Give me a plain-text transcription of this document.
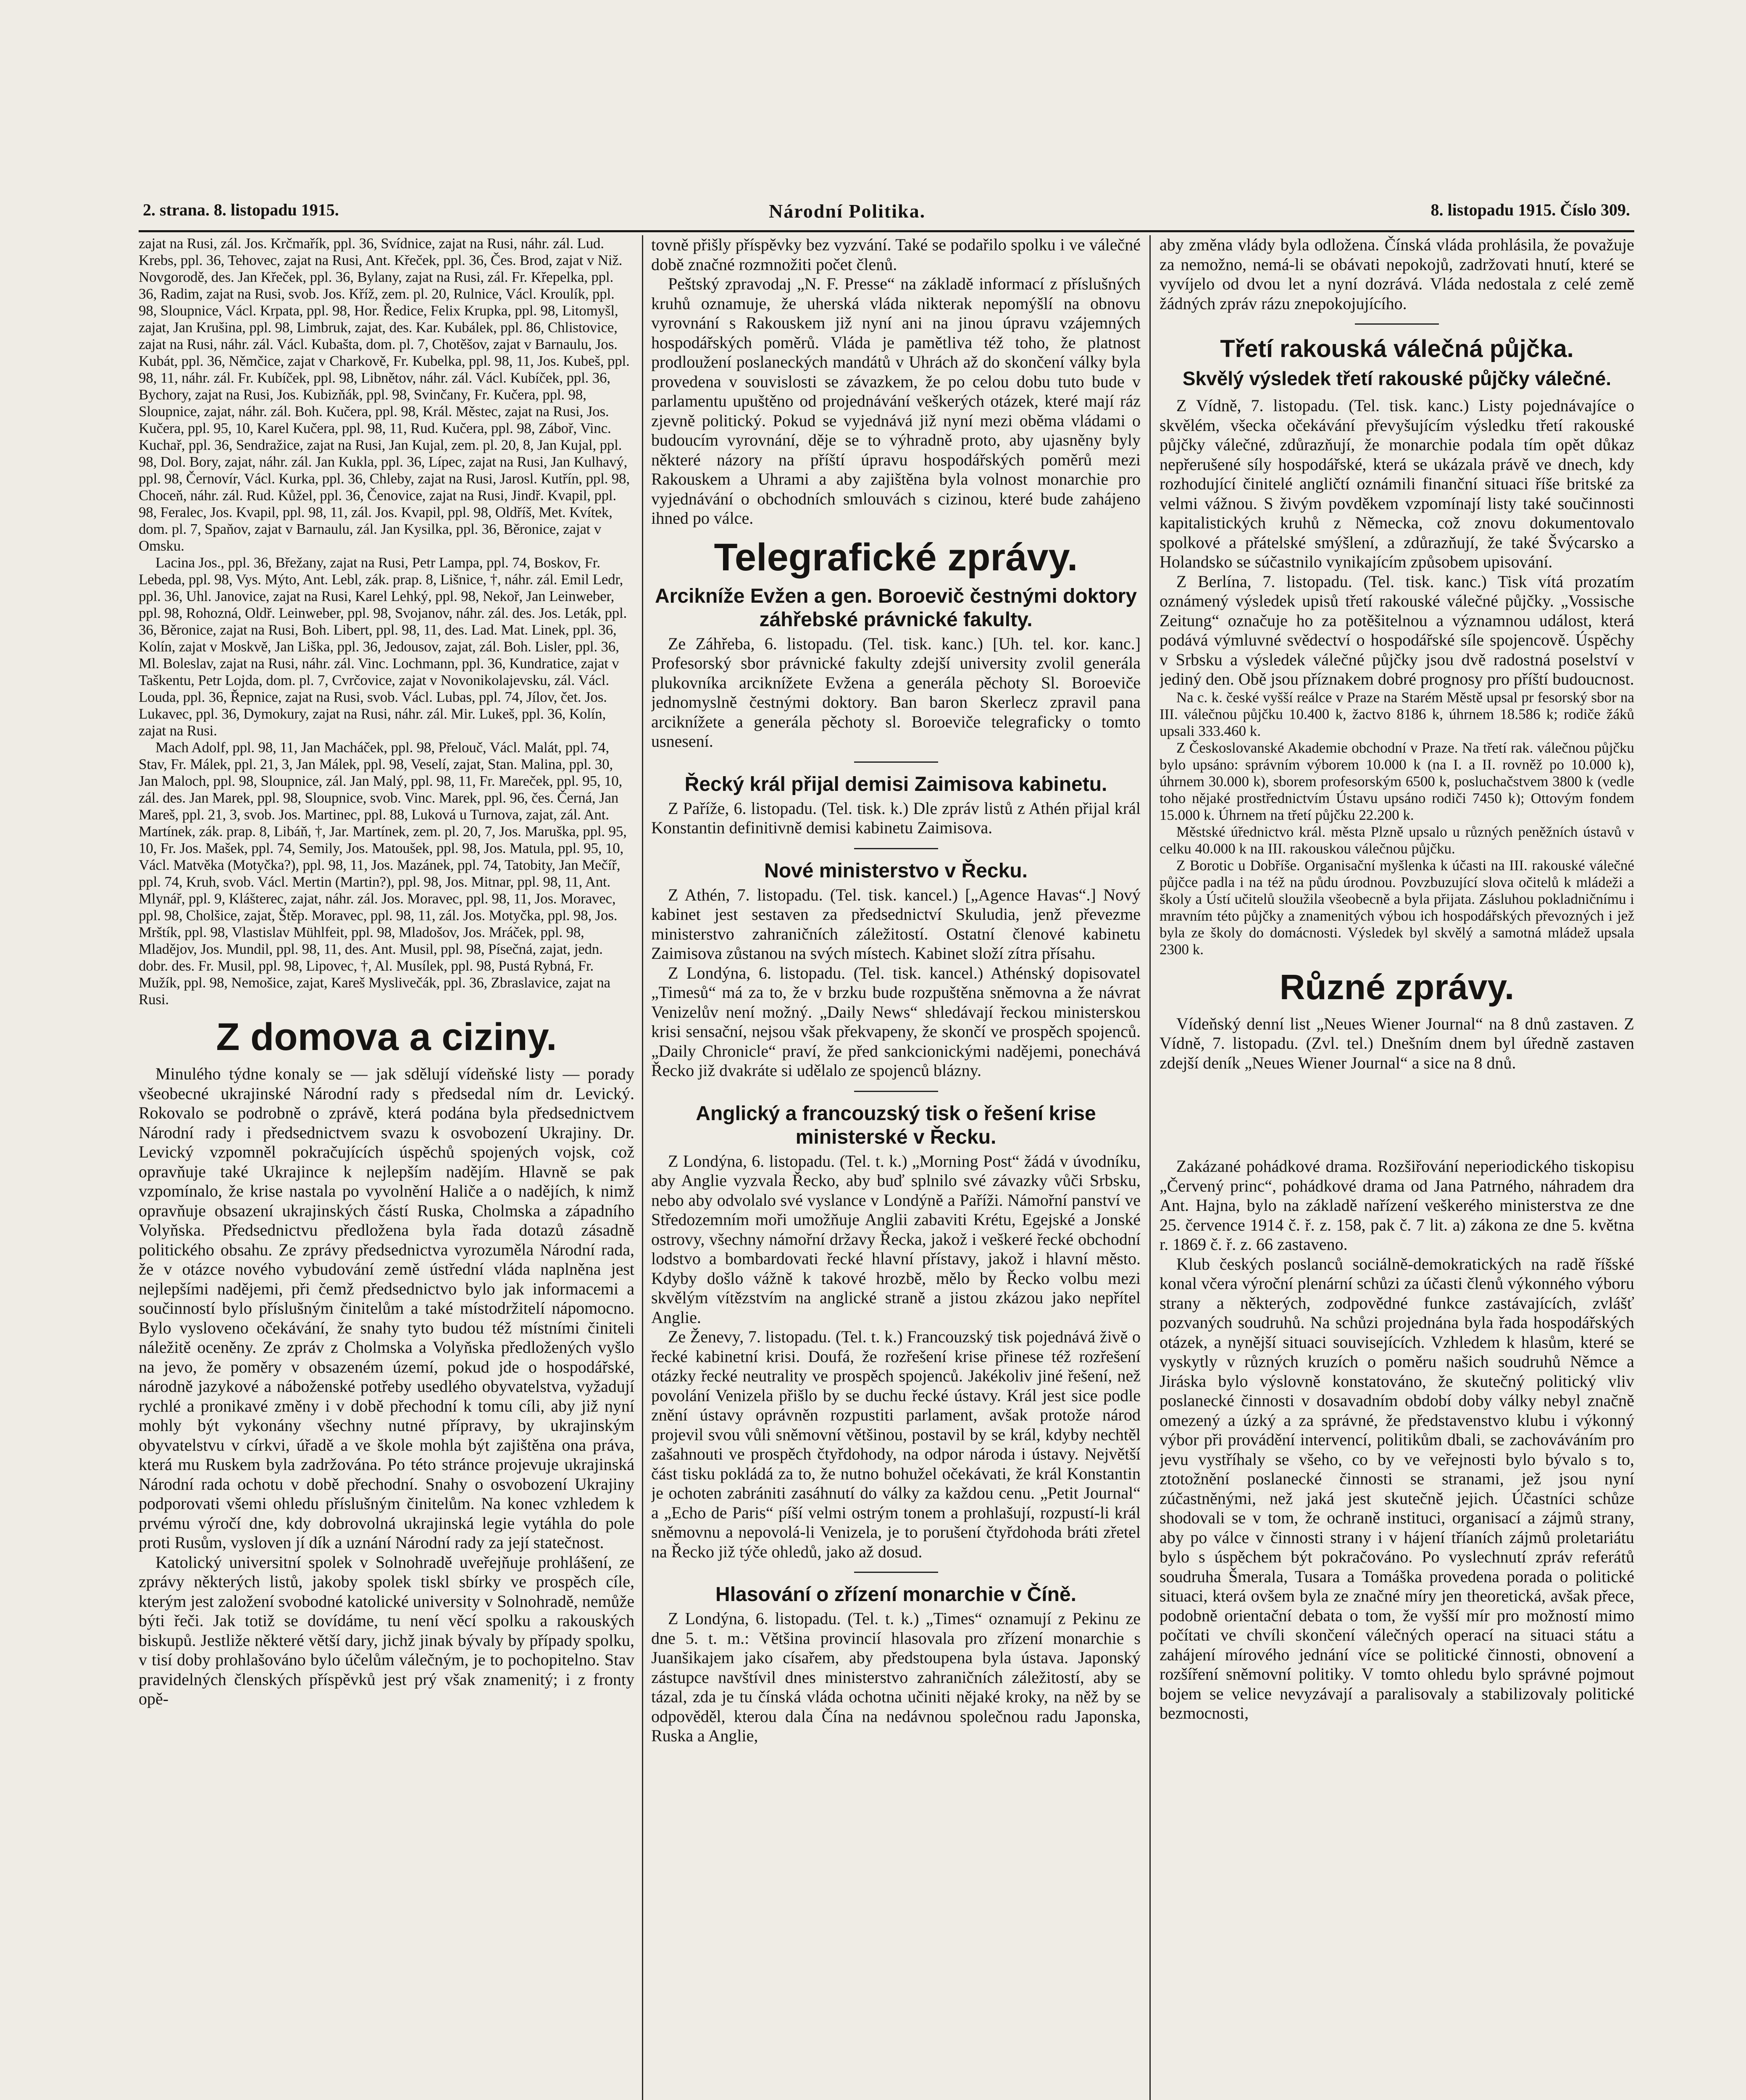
2. strana. 8. listopadu 1915.	Národní Politika.	8. listopadu 1915. Číslo 309.

zajat na Rusi, zál. Jos. Krčmařík, ppl. 36, Svídnice, zajat na Rusi, náhr. zál. Lud. Krebs, ppl. 36, Tehovec, zajat na Rusi, Ant. Křeček, ppl. 36, Čes. Brod, zajat v Niž. Novgorodě, des. Jan Křeček, ppl. 36, Bylany, zajat na Rusi, zál. Fr. Křepelka, ppl. 36, Radim, zajat na Rusi, svob. Jos. Kříž, zem. pl. 20, Rulnice, Václ. Kroulík, ppl. 98, Sloupnice, Václ. Krpata, ppl. 98, Hor. Ředice, Felix Krupka, ppl. 98, Litomyšl, zajat, Jan Krušina, ppl. 98, Limbruk, zajat, des. Kar. Kubálek, ppl. 86, Chlistovice, zajat na Rusi, náhr. zál. Václ. Kubašta, dom. pl. 7, Chotěšov, zajat v Barnaulu, Jos. Kubát, ppl. 36, Němčice, zajat v Charkově, Fr. Kubelka, ppl. 98, 11, Jos. Kubeš, ppl. 98, 11, náhr. zál. Fr. Kubíček, ppl. 98, Libnětov, náhr. zál. Václ. Kubíček, ppl. 36, Bychory, zajat na Rusi, Jos. Kubizňák, ppl. 98, Svinčany, Fr. Kučera, ppl. 98, Sloupnice, zajat, náhr. zál. Boh. Kučera, ppl. 98, Král. Městec, zajat na Rusi, Jos. Kučera, ppl. 95, 10, Karel Kučera, ppl. 98, 11, Rud. Kučera, ppl. 98, Záboř, Vinc. Kuchař, ppl. 36, Sendražice, zajat na Rusi, Jan Kujal, zem. pl. 20, 8, Jan Kujal, ppl. 98, Dol. Bory, zajat, náhr. zál. Jan Kukla, ppl. 36, Lípec, zajat na Rusi, Jan Kulhavý, ppl. 98, Černovír, Václ. Kurka, ppl. 36, Chleby, zajat na Rusi, Jarosl. Kutřín, ppl. 98, Choceň, náhr. zál. Rud. Kůžel, ppl. 36, Čenovice, zajat na Rusi, Jindř. Kvapil, ppl. 98, Feralec, Jos. Kvapil, ppl. 98, 11, zál. Jos. Kvapil, ppl. 98, Oldříš, Met. Kvítek, dom. pl. 7, Spaňov, zajat v Barnaulu, zál. Jan Kysilka, ppl. 36, Běronice, zajat v Omsku.

Lacina Jos., ppl. 36, Břežany, zajat na Rusi, Petr Lampa, ppl. 74, Boskov, Fr. Lebeda, ppl. 98, Vys. Mýto, Ant. Lebl, zák. prap. 8, Lišnice, †, náhr. zál. Emil Ledr, ppl. 36, Uhl. Janovice, zajat na Rusi, Karel Lehký, ppl. 98, Nekoř, Jan Leinweber, ppl. 98, Rohozná, Oldř. Leinweber, ppl. 98, Svojanov, náhr. zál. des. Jos. Leták, ppl. 36, Běronice, zajat na Rusi, Boh. Libert, ppl. 98, 11, des. Lad. Mat. Linek, ppl. 36, Kolín, zajat v Moskvě, Jan Liška, ppl. 36, Jedousov, zajat, zál. Boh. Lisler, ppl. 36, Ml. Boleslav, zajat na Rusi, náhr. zál. Vinc. Lochmann, ppl. 36, Kundratice, zajat v Taškentu, Petr Lojda, dom. pl. 7, Cvrčovice, zajat v Novonikolajevsku, zál. Václ. Louda, ppl. 36, Řepnice, zajat na Rusi, svob. Václ. Lubas, ppl. 74, Jílov, čet. Jos. Lukavec, ppl. 36, Dymokury, zajat na Rusi, náhr. zál. Mir. Lukeš, ppl. 36, Kolín, zajat na Rusi.

Mach Adolf, ppl. 98, 11, Jan Macháček, ppl. 98, Přelouč, Václ. Malát, ppl. 74, Stav, Fr. Málek, ppl. 21, 3, Jan Málek, ppl. 98, Veselí, zajat, Stan. Malina, ppl. 30, Jan Maloch, ppl. 98, Sloupnice, zál. Jan Malý, ppl. 98, 11, Fr. Mareček, ppl. 95, 10, zál. des. Jan Marek, ppl. 98, Sloupnice, svob. Vinc. Marek, ppl. 96, čes. Černá, Jan Mareš, ppl. 21, 3, svob. Jos. Martinec, ppl. 88, Luková u Turnova, zajat, zál. Ant. Martínek, zák. prap. 8, Libáň, †, Jar. Martínek, zem. pl. 20, 7, Jos. Maruška, ppl. 95, 10, Fr. Jos. Mašek, ppl. 74, Semily, Jos. Matoušek, ppl. 98, Jos. Matula, ppl. 95, 10, Václ. Matvěka (Motyčka?), ppl. 98, 11, Jos. Mazánek, ppl. 74, Tatobity, Jan Mečíř, ppl. 74, Kruh, svob. Václ. Mertin (Martin?), ppl. 98, Jos. Mitnar, ppl. 98, 11, Ant. Mlynář, ppl. 9, Klášterec, zajat, náhr. zál. Jos. Moravec, ppl. 98, 11, Jos. Moravec, ppl. 98, Cholšice, zajat, Štěp. Moravec, ppl. 98, 11, zál. Jos. Motyčka, ppl. 98, Jos. Mrštík, ppl. 98, Vlastislav Mühlfeit, ppl. 98, Mladošov, Jos. Mráček, ppl. 98, Mladějov, Jos. Mundil, ppl. 98, 11, des. Ant. Musil, ppl. 98, Písečná, zajat, jedn. dobr. des. Fr. Musil, ppl. 98, Lipovec, †, Al. Musílek, ppl. 98, Pustá Rybná, Fr. Mužík, ppl. 98, Nemošice, zajat, Kareš Myslivečák, ppl. 36, Zbraslavice, zajat na Rusi.

Z domova a ciziny.

Minulého týdne konaly se — jak sdělují vídeňské listy — porady všeobecné ukrajinské Národní rady s předsedal ním dr. Levický. Rokovalo se podrobně o zprávě, která podána byla předsednictvem Národní rady i předsednictvem svazu k osvobození Ukrajiny. Dr. Levický vzpomněl pokračujících úspěchů spojených vojsk, což opravňuje také Ukrajince k nejlepším nadějím. Hlavně se pak vzpomínalo, že krise nastala po vyvolnění Haliče a o nadějích, k nimž opravňuje obsazení ukrajinských částí Ruska, Cholmska a západního Volyňska. Předsednictvu předložena byla řada dotazů zásadně politického obsahu. Ze zprávy předsednictva vyrozuměla Národní rada, že v otázce nového vybudování země ústřední vláda naplněna jest nejlepšími nadějemi, při čemž předsednictvo bylo jak informacemi a součinností bylo příslušným činitelům a také místodržitelí nápomocno. Bylo vysloveno očekávání, že snahy tyto budou též místními činiteli náležitě oceněny. Ze zpráv z Cholmska a Volyňska předložených vyšlo na jevo, že poměry v obsazeném území, pokud jde o hospodářské, národně jazykové a náboženské potřeby usedlého obyvatelstva, vyžadují rychlé a pronikavé změny i v době přechodní k tomu cíli, aby již nyní mohly být vykonány všechny nutné přípravy, by ukrajinským obyvatelstvu v církvi, úřadě a ve škole mohla být zajištěna ona práva, která mu Ruskem byla zadržována. Po této stránce projevuje ukrajinská Národní rada ochotu v době přechodní. Snahy o osvobození Ukrajiny podporovati všemi ohledu příslušným činitelům. Na konec vzhledem k prvému výročí dne, kdy dobrovolná ukrajinská legie vytáhla do pole proti Rusům, vysloven jí dík a uznání Národní rady za její statečnost.

Katolický universitní spolek v Solnohradě uveřejňuje prohlášení, ze zprávy některých listů, jakoby spolek tiskl sbírky ve prospěch cíle, kterým jest založení svobodné katolické university v Solnohradě, nemůže býti řeči. Jak totiž se dovídáme, tu není věcí spolku a rakouských biskupů. Jestliže některé větší dary, jichž jinak bývaly by případy spolku, v tisí doby prohlašováno bylo účelům válečným, je to pochopitelno. Stav pravidelných členských příspěvků jest prý však znamenitý; i z fronty opě-

tovně přišly příspěvky bez vyzvání. Také se podařilo spolku i ve válečné době značné rozmnožiti počet členů.

Peštský zpravodaj „N. F. Presse“ na základě informací z příslušných kruhů oznamuje, že uherská vláda nikterak nepomýšlí na obnovu vyrovnání s Rakouskem již nyní ani na jinou úpravu vzájemných hospodářských poměrů. Vláda je pamětliva též toho, že platnost prodloužení poslaneckých mandátů v Uhrách až do skončení války byla provedena v souvislosti se závazkem, že po celou dobu tuto bude v parlamentu upuštěno od projednávání veškerých otázek, které mají ráz zjevně politický. Pokud se vyjednává již nyní mezi oběma vládami o budoucím vyrovnání, děje se to výhradně proto, aby ujasněny byly některé názory na příští úpravu hospodářských poměrů mezi Rakouskem a Uhrami a aby zajištěna byla volnost monarchie pro vyjednávání o obchodních smlouvách s cizinou, které bude zahájeno ihned po válce.

Telegrafické zprávy.
Arcikníže Evžen a gen. Boroevič čestnými doktory záhřebské právnické fakulty.

Ze Záhřeba, 6. listopadu. (Tel. tisk. kanc.) [Uh. tel. kor. kanc.] Profesorský sbor právnické fakulty zdejší university zvolil generála plukovníka arciknížete Evžena a generála pěchoty Sl. Boroeviče jednomyslně čestnými doktory. Ban baron Skerlecz zpravil pana arciknížete a generála pěchoty sl. Boroeviče telegraficky o tomto usnesení.

Řecký král přijal demisi Zaimisova kabinetu.

Z Paříže, 6. listopadu. (Tel. tisk. k.) Dle zpráv listů z Athén přijal král Konstantin definitivně demisi kabinetu Zaimisova.

Nové ministerstvo v Řecku.

Z Athén, 7. listopadu. (Tel. tisk. kancel.) [„Agence Havas“.] Nový kabinet jest sestaven za předsednictví Skuludia, jenž převezme ministerstvo zahraničních záležitostí. Ostatní členové kabinetu Zaimisova zůstanou na svých místech. Kabinet složí zítra přísahu.

Z Londýna, 6. listopadu. (Tel. tisk. kancel.) Athénský dopisovatel „Timesů“ má za to, že v brzku bude rozpuštěna sněmovna a že návrat Venizelův není možný. „Daily News“ shledávají řeckou ministerskou krisi sensační, nejsou však překvapeny, že skončí ve prospěch spojenců. „Daily Chronicle“ praví, že před sankcionickými nadějemi, ponechává Řecko již dvakráte si udělalo ze spojenců blázny.

Anglický a francouzský tisk o řešení krise ministerské v Řecku.

Z Londýna, 6. listopadu. (Tel. t. k.) „Morning Post“ žádá v úvodníku, aby Anglie vyzvala Řecko, aby buď splnilo své závazky vůči Srbsku, nebo aby odvolalo své vyslance v Londýně a Paříži. Námořní panství ve Středozemním moři umožňuje Anglii zabaviti Krétu, Egejské a Jonské ostrovy, všechny námořní državy Řecka, jakož i veškeré řecké obchodní lodstvo a bombardovati řecké hlavní přístavy, jakož i hlavní město. Kdyby došlo vážně k takové hrozbě, mělo by Řecko volbu mezi skvělým vítězstvím na anglické straně a jistou zkázou jako nepřítel Anglie.

Ze Ženevy, 7. listopadu. (Tel. t. k.) Francouzský tisk pojednává živě o řecké kabinetní krisi. Doufá, že rozřešení krise přinese též rozřešení otázky řecké neutrality ve prospěch spojenců. Jakékoliv jiné řešení, než povolání Venizela přišlo by se duchu řecké ústavy. Král jest sice podle znění ústavy oprávněn rozpustiti parlament, avšak protože národ projevil svou vůli sněmovní většinou, postavil by se král, kdyby nechtěl zašahnouti ve prospěch čtyřdohody, na odpor národa i ústavy. Největší část tisku pokládá za to, že nutno bohužel očekávati, že král Konstantin je ochoten zabrániti zasáhnutí do války za každou cenu. „Petit Journal“ a „Echo de Paris“ píší velmi ostrým tonem a prohlašují, rozpustí-li král sněmovnu a nepovolá-li Venizela, je to porušení čtyřdohoda bráti zřetel na Řecko již týče ohledů, jako až dosud.

Hlasování o zřízení monarchie v Číně.

Z Londýna, 6. listopadu. (Tel. t. k.) „Times“ oznamují z Pekinu ze dne 5. t. m.: Většina provincií hlasovala pro zřízení monarchie s Juanšikajem jako císařem, aby předstoupena byla ústava. Japonský zástupce navštívil dnes ministerstvo zahraničních záležitostí, aby se tázal, zda je tu čínská vláda ochotna učiniti nějaké kroky, na něž by se odpověděl, kterou dala Čína na nedávnou společnou radu Japonska, Ruska a Anglie,

aby změna vlády byla odložena. Čínská vláda prohlásila, že považuje za nemožno, nemá-li se obávati nepokojů, zadržovati hnutí, které se vyvíjelo od dvou let a nyní dozrává. Vláda nedostala z celé země žádných zpráv rázu znepokojujícího.

Třetí rakouská válečná půjčka.
Skvělý výsledek třetí rakouské půjčky válečné.

Z Vídně, 7. listopadu. (Tel. tisk. kanc.) Listy pojednávajíce o skvělém, všecka očekávání převyšujícím výsledku třetí rakouské půjčky válečné, zdůrazňují, že monarchie podala tím opět důkaz nepřerušené síly hospodářské, která se ukázala právě ve dnech, kdy rozhodující činitelé angličtí oznámili finanční situaci říše britské za velmi vážnou. S živým povděkem vzpomínají listy také součinnosti kapitalistických kruhů z Německa, což znovu dokumentovalo spolkové a přátelské smýšlení, a zdůrazňují, že také Švýcarsko a Holandsko se súčastnilo vynikajícím způsobem upisování.

Z Berlína, 7. listopadu. (Tel. tisk. kanc.) Tisk vítá prozatím oznámený výsledek upisů třetí rakouské válečné půjčky. „Vossische Zeitung“ označuje ho za potěšitelnou a významnou událost, která podává výmluvné svědectví o hospodářské síle spojencově. Úspěchy v Srbsku a výsledek válečné půjčky jsou dvě radostná poselství v jediný den. Obě jsou příznakem dobré prognosy pro příští budoucnost.

Na c. k. české vyšší reálce v Praze na Starém Městě upsal pr fesorský sbor na III. válečnou půjčku 10.400 k, žactvo 8186 k, úhrnem 18.586 k; rodiče žáků upsali 333.460 k.

Z Českoslovanské Akademie obchodní v Praze. Na třetí rak. válečnou půjčku bylo upsáno: správním výborem 10.000 k (na I. a II. rovněž po 10.000 k), úhrnem 30.000 k), sborem profesorským 6500 k, posluchačstvem 3800 k (vedle toho nějaké prostřednictvím Ústavu upsáno rodiči 7450 k); Ottovým fondem 15.000 k. Úhrnem na třetí půjčku 22.200 k.

Městské úřednictvo král. města Plzně upsalo u různých peněžních ústavů v celku 40.000 k na III. rakouskou válečnou půjčku.

Z Borotic u Dobříše. Organisační myšlenka k účasti na III. rakouské válečné půjčce padla i na též na půdu úrodnou. Povzbuzující slova očitelů k mládeži a školy a Ústí učitelů sloužila všeobecně a byla přijata. Zásluhou pokladničnímu i mravním této půjčky a znamenitých výbou ich hospodářských převozných i jež byla ze školy do domácnosti. Výsledek byl skvělý a samotná mládež upsala 2300 k.

Různé zprávy.

Vídeňský denní list „Neues Wiener Journal“ na 8 dnů zastaven. Z Vídně, 7. listopadu. (Zvl. tel.) Dnešním dnem byl úředně zastaven zdejší deník „Neues Wiener Journal“ a sice na 8 dnů.

Zakázané pohádkové drama. Rozšiřování neperiodického tiskopisu „Červený princ“, pohádkové drama od Jana Patrného, náhradem dra Ant. Hajna, bylo na základě nařízení veškerého ministerstva ze dne 25. července 1914 č. ř. z. 158, pak č. 7 lit. a) zákona ze dne 5. května r. 1869 č. ř. z. 66 zastaveno.

Klub českých poslanců sociálně-demokratických na radě říšské konal včera výroční plenární schůzi za účasti členů výkonného výboru strany a některých, zodpovědné funkce zastávajících, zvlášť pozvaných soudruhů. Na schůzi projednána byla řada hospodářských otázek, a nynější situaci souvisejících. Vzhledem k hlasům, které se vyskytly v různých kruzích o poměru našich soudruhů Němce a Jiráska bylo výslovně konstatováno, že skutečný politický vliv poslanecké činnosti v dosavadním období doby války nebyl značně omezený a úzký a za správné, že představenstvo klubu i výkonný výbor při provádění intervencí, politikům dbali, se zachováváním pro jevu vystříhaly se všeho, co by ve veřejnosti bylo bývalo s to, ztotožnění poslanecké činnosti se stranami, jež jsou nyní zúčastněnými, než jaká jest skutečně jejich. Účastníci schůze shodovali se v tom, že ochraně instituci, organisací a zájmů strany, aby po válce v činnosti strany i v hájení tříaních zájmů proletariátu bylo s úspěchem být pokračováno. Po vyslechnutí zpráv referátů soudruha Šmerala, Tusara a Tomáška provedena porada o politické situaci, která ovšem byla ze značné míry jen theoretická, avšak přece, podobně orientační debata o tom, že vyšší mír pro možností mimo počítati ve chvíli skončení válečných operací na situaci státu a zahájení mírového jednání více se politické činnosti, obnovení a rozšíření sněmovní politiky. V tomto ohledu bylo správné pojmout bojem se velice nevyzávají a paralisovaly a stabilizovaly politické bezmocnosti,
